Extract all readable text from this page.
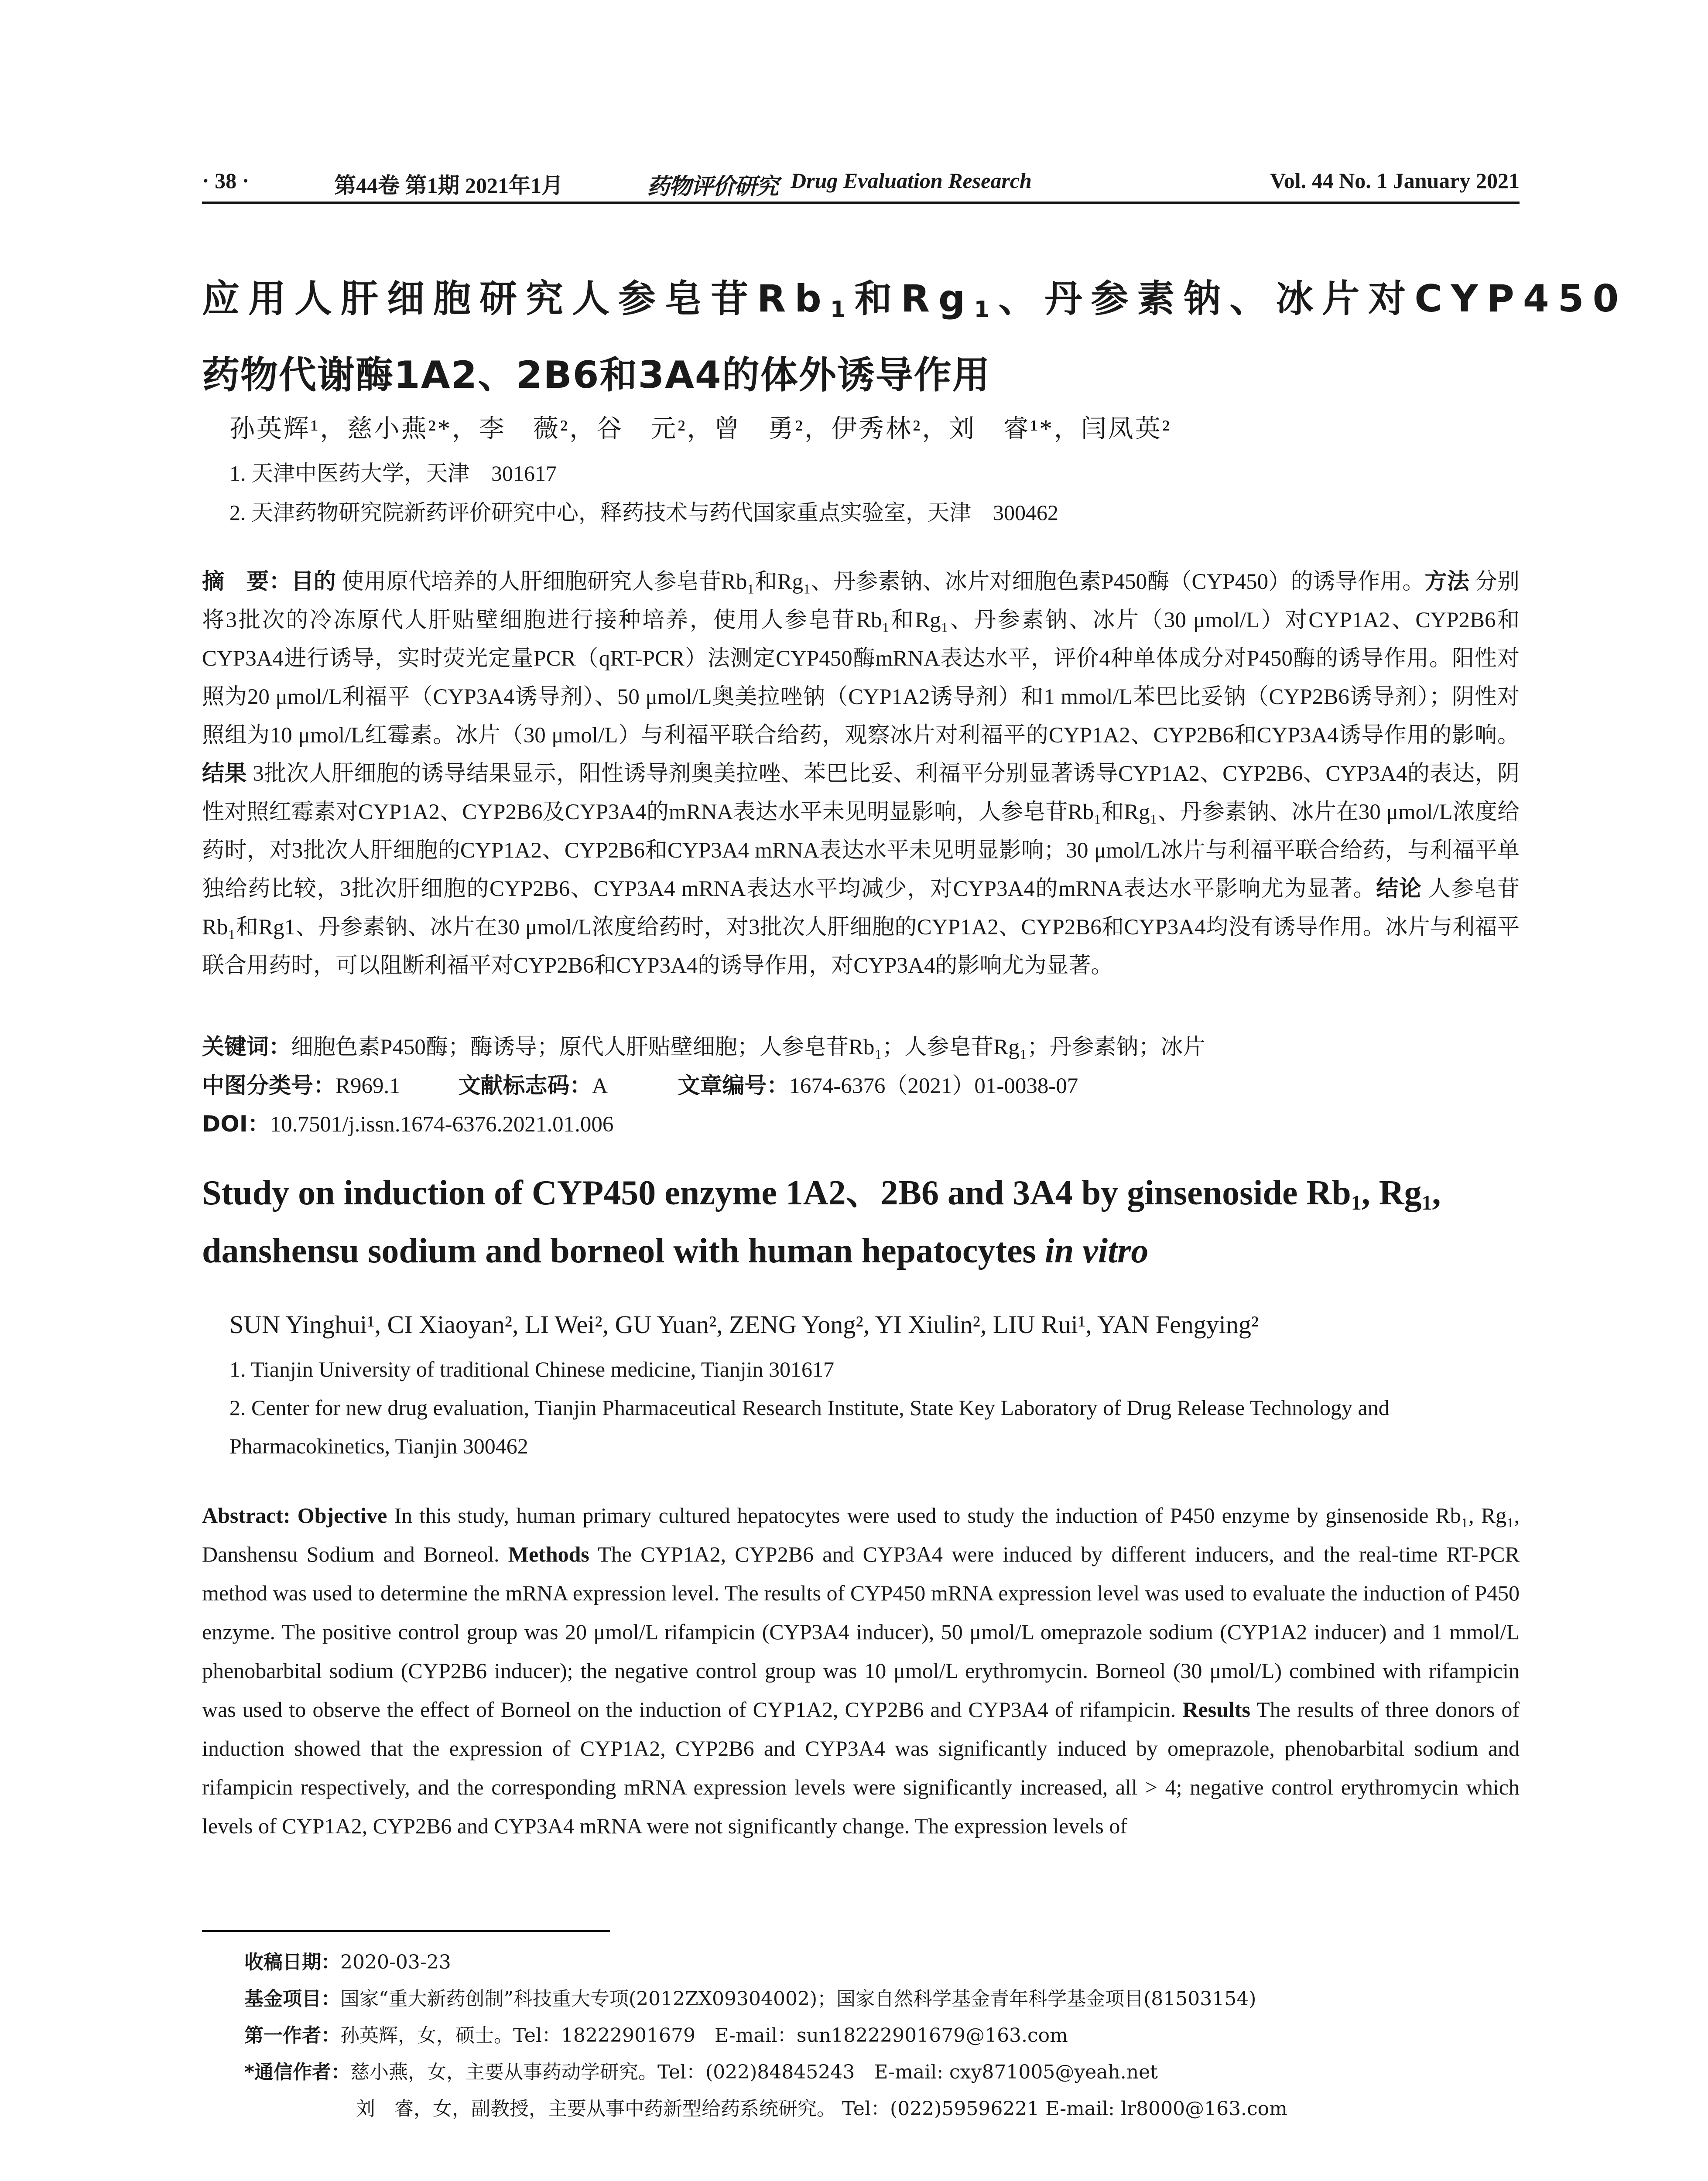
· 38 ·	第44卷 第1期 2021年1月	药物评价研究 Drug Evaluation Research	Vol. 44 No. 1 January 2021
应用人肝细胞研究人参皂苷$Rb_1$和$Rg_1$、丹参素钠、冰片对CYP450
药物代谢酶1A2、2B6和3A4的体外诱导作用
孙英辉¹，慈小燕²*，李　薇²，谷　元²，曾　勇²，伊秀林²，刘　睿¹*，闫凤英²
1. 天津中医药大学，天津　301617
2. 天津药物研究院新药评价研究中心，释药技术与药代国家重点实验室，天津　300462
摘　要：目的 使用原代培养的人肝细胞研究人参皂苷Rb₁和Rg₁、丹参素钠、冰片对细胞色素P450酶（CYP450）的诱导作用。方法 分别将3批次的冷冻原代人肝贴壁细胞进行接种培养，使用人参皂苷Rb₁和Rg₁、丹参素钠、冰片（30 μmol/L）对CYP1A2、CYP2B6和CYP3A4进行诱导，实时荧光定量PCR（qRT-PCR）法测定CYP450酶mRNA表达水平，评价4种单体成分对P450酶的诱导作用。阳性对照为20 μmol/L利福平（CYP3A4诱导剂）、50 μmol/L奥美拉唑钠（CYP1A2诱导剂）和1 mmol/L苯巴比妥钠（CYP2B6诱导剂）；阴性对照组为10 μmol/L红霉素。冰片（30 μmol/L）与利福平联合给药，观察冰片对利福平的CYP1A2、CYP2B6和CYP3A4诱导作用的影响。结果 3批次人肝细胞的诱导结果显示，阳性诱导剂奥美拉唑、苯巴比妥、利福平分别显著诱导CYP1A2、CYP2B6、CYP3A4的表达，阴性对照红霉素对CYP1A2、CYP2B6及CYP3A4的mRNA表达水平未见明显影响，人参皂苷Rb₁和Rg₁、丹参素钠、冰片在30 μmol/L浓度给药时，对3批次人肝细胞的CYP1A2、CYP2B6和CYP3A4 mRNA表达水平未见明显影响；30 μmol/L冰片与利福平联合给药，与利福平单独给药比较，3批次肝细胞的CYP2B6、CYP3A4 mRNA表达水平均减少，对CYP3A4的mRNA表达水平影响尤为显著。结论 人参皂苷Rb₁和Rg1、丹参素钠、冰片在30 μmol/L浓度给药时，对3批次人肝细胞的CYP1A2、CYP2B6和CYP3A4均没有诱导作用。冰片与利福平联合用药时，可以阻断利福平对CYP2B6和CYP3A4的诱导作用，对CYP3A4的影响尤为显著。
关键词：细胞色素P450酶；酶诱导；原代人肝贴壁细胞；人参皂苷Rb₁；人参皂苷Rg₁；丹参素钠；冰片
中图分类号：R969.1	文献标志码：A	文章编号：1674-6376（2021）01-0038-07
DOI：10.7501/j.issn.1674-6376.2021.01.006
Study on induction of CYP450 enzyme 1A2、2B6 and 3A4 by ginsenoside $Rb_1$, $Rg_1$, danshensu sodium and borneol with human hepatocytes in vitro
SUN Yinghui¹, CI Xiaoyan², LI Wei², GU Yuan², ZENG Yong², YI Xiulin², LIU Rui¹, YAN Fengying²
1. Tianjin University of traditional Chinese medicine, Tianjin 301617
2. Center for new drug evaluation, Tianjin Pharmaceutical Research Institute, State Key Laboratory of Drug Release Technology and Pharmacokinetics, Tianjin 300462
Abstract: Objective In this study, human primary cultured hepatocytes were used to study the induction of P450 enzyme by ginsenoside Rb₁, Rg₁, Danshensu Sodium and Borneol. Methods The CYP1A2, CYP2B6 and CYP3A4 were induced by different inducers, and the real-time RT-PCR method was used to determine the mRNA expression level. The results of CYP450 mRNA expression level was used to evaluate the induction of P450 enzyme. The positive control group was 20 μmol/L rifampicin (CYP3A4 inducer), 50 μmol/L omeprazole sodium (CYP1A2 inducer) and 1 mmol/L phenobarbital sodium (CYP2B6 inducer); the negative control group was 10 μmol/L erythromycin. Borneol (30 μmol/L) combined with rifampicin was used to observe the effect of Borneol on the induction of CYP1A2, CYP2B6 and CYP3A4 of rifampicin. Results The results of three donors of induction showed that the expression of CYP1A2, CYP2B6 and CYP3A4 was significantly induced by omeprazole, phenobarbital sodium and rifampicin respectively, and the corresponding mRNA expression levels were significantly increased, all > 4; negative control erythromycin which levels of CYP1A2, CYP2B6 and CYP3A4 mRNA were not significantly change. The expression levels of
收稿日期：2020-03-23
基金项目：国家“重大新药创制”科技重大专项(2012ZX09304002)；国家自然科学基金青年科学基金项目(81503154)
第一作者：孙英辉，女，硕士。Tel：18222901679　E-mail：sun18222901679@163.com
*通信作者：慈小燕，女，主要从事药动学研究。Tel：(022)84845243　E-mail: cxy871005@yeah.net
刘　睿，女，副教授，主要从事中药新型给药系统研究。 Tel：(022)59596221 E-mail: lr8000@163.com
